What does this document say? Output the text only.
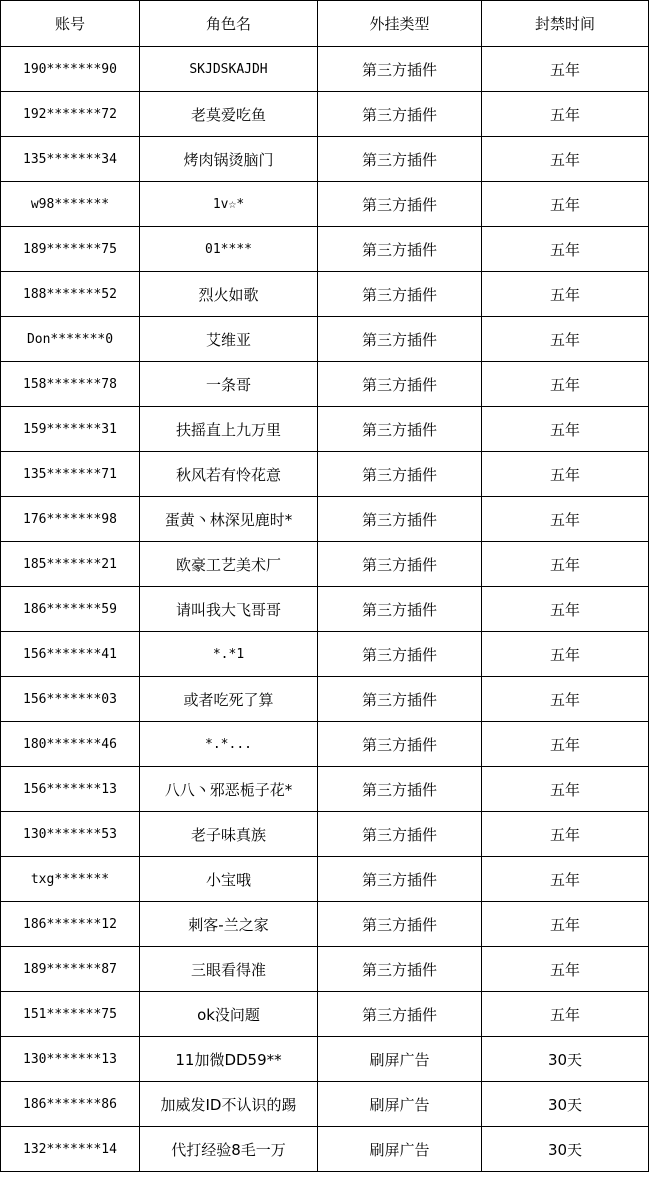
账号	角色名	外挂类型	封禁时间
190*******90	SKJDSKAJDH	第三方插件	五年
192*******72	老莫爱吃鱼	第三方插件	五年
135*******34	烤肉锅烫脑门	第三方插件	五年
w98*******	1v☆*	第三方插件	五年
189*******75	01****	第三方插件	五年
188*******52	烈火如歌	第三方插件	五年
Don*******0	艾维亚	第三方插件	五年
158*******78	一条哥	第三方插件	五年
159*******31	扶摇直上九万里	第三方插件	五年
135*******71	秋风若有怜花意	第三方插件	五年
176*******98	蛋黄丶林深见鹿时*	第三方插件	五年
185*******21	欧豪工艺美术厂	第三方插件	五年
186*******59	请叫我大飞哥哥	第三方插件	五年
156*******41	*.*1	第三方插件	五年
156*******03	或者吃死了算	第三方插件	五年
180*******46	*.*...	第三方插件	五年
156*******13	八八丶邪恶栀子花*	第三方插件	五年
130*******53	老子味真族	第三方插件	五年
txg*******	小宝哦	第三方插件	五年
186*******12	刺客-兰之家	第三方插件	五年
189*******87	三眼看得准	第三方插件	五年
151*******75	ok没问题	第三方插件	五年
130*******13	11加微DD59**	刷屏广告	30天
186*******86	加威发ID不认识的踢	刷屏广告	30天
132*******14	代打经验8毛一万	刷屏广告	30天
